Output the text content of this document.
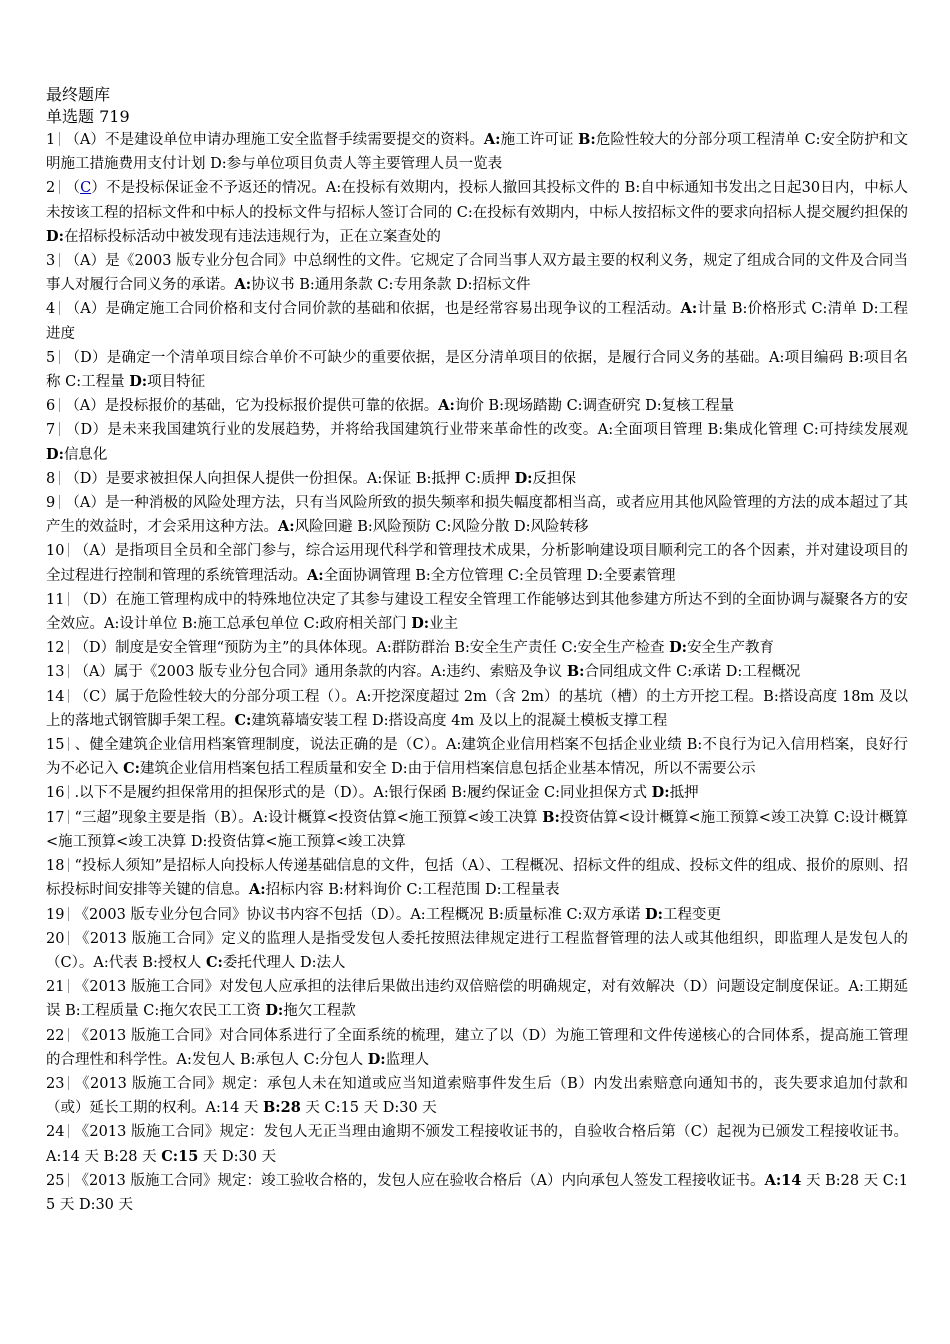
最终题库
单选题 719
1 （A）不是建设单位申请办理施工安全监督手续需要提交的资料。A:施工许可证 B:危险性较大的分部分项工程清单 C:安全防护和文明施工措施费用支付计划 D:参与单位项目负责人等主要管理人员一览表
2 （C）不是投标保证金不予返还的情况。A:在投标有效期内，投标人撤回其投标文件的 B:自中标通知书发出之日起30日内，中标人未按该工程的招标文件和中标人的投标文件与招标人签订合同的 C:在投标有效期内，中标人按招标文件的要求向招标人提交履约担保的 D:在招标投标活动中被发现有违法违规行为，正在立案查处的
3 （A）是《2003 版专业分包合同》中总纲性的文件。它规定了合同当事人双方最主要的权利义务，规定了组成合同的文件及合同当事人对履行合同义务的承诺。A:协议书 B:通用条款 C:专用条款 D:招标文件
4 （A）是确定施工合同价格和支付合同价款的基础和依据，也是经常容易出现争议的工程活动。A:计量 B:价格形式 C:清单 D:工程进度
5 （D）是确定一个清单项目综合单价不可缺少的重要依据，是区分清单项目的依据，是履行合同义务的基础。A:项目编码 B:项目名称 C:工程量 D:项目特征
6 （A）是投标报价的基础，它为投标报价提供可靠的依据。A:询价 B:现场踏勘 C:调查研究 D:复核工程量
7 （D）是未来我国建筑行业的发展趋势，并将给我国建筑行业带来革命性的改变。A:全面项目管理 B:集成化管理 C:可持续发展观 D:信息化
8 （D）是要求被担保人向担保人提供一份担保。A:保证 B:抵押 C:质押 D:反担保
9 （A）是一种消极的风险处理方法，只有当风险所致的损失频率和损失幅度都相当高，或者应用其他风险管理的方法的成本超过了其产生的效益时，才会采用这种方法。A:风险回避 B:风险预防 C:风险分散 D:风险转移
10 （A）是指项目全员和全部门参与，综合运用现代科学和管理技术成果，分析影响建设项目顺利完工的各个因素，并对建设项目的全过程进行控制和管理的系统管理活动。A:全面协调管理 B:全方位管理 C:全员管理 D:全要素管理
11 （D）在施工管理构成中的特殊地位决定了其参与建设工程安全管理工作能够达到其他参建方所达不到的全面协调与凝聚各方的安全效应。A:设计单位 B:施工总承包单位 C:政府相关部门 D:业主
12 （D）制度是安全管理“预防为主”的具体体现。A:群防群治 B:安全生产责任 C:安全生产检查 D:安全生产教育
13 （A）属于《2003 版专业分包合同》通用条款的内容。A:违约、索赔及争议 B:合同组成文件 C:承诺 D:工程概况
14 （C）属于危险性较大的分部分项工程（）。A:开挖深度超过 2m（含 2m）的基坑（槽）的土方开挖工程。B:搭设高度 18m 及以上的落地式钢管脚手架工程。C:建筑幕墙安装工程 D:搭设高度 4m 及以上的混凝土模板支撑工程
15 、健全建筑企业信用档案管理制度，说法正确的是（C）。A:建筑企业信用档案不包括企业业绩 B:不良行为记入信用档案，良好行为不必记入 C:建筑企业信用档案包括工程质量和安全 D:由于信用档案信息包括企业基本情况，所以不需要公示
16 .以下不是履约担保常用的担保形式的是（D）。A:银行保函 B:履约保证金 C:同业担保方式 D:抵押
17 “三超”现象主要是指（B）。A:设计概算<投资估算<施工预算<竣工决算 B:投资估算<设计概算<施工预算<竣工决算 C:设计概算<施工预算<竣工决算 D:投资估算<施工预算<竣工决算
18 “投标人须知”是招标人向投标人传递基础信息的文件，包括（A）、工程概况、招标文件的组成、投标文件的组成、报价的原则、招标投标时间安排等关键的信息。A:招标内容 B:材料询价 C:工程范围 D:工程量表
19 《2003 版专业分包合同》协议书内容不包括（D）。A:工程概况 B:质量标准 C:双方承诺 D:工程变更
20 《2013 版施工合同》定义的监理人是指受发包人委托按照法律规定进行工程监督管理的法人或其他组织，即监理人是发包人的（C）。A:代表 B:授权人 C:委托代理人 D:法人
21 《2013 版施工合同》对发包人应承担的法律后果做出违约双倍赔偿的明确规定，对有效解决（D）问题设定制度保证。A:工期延误 B:工程质量 C:拖欠农民工工资 D:拖欠工程款
22 《2013 版施工合同》对合同体系进行了全面系统的梳理，建立了以（D）为施工管理和文件传递核心的合同体系，提高施工管理的合理性和科学性。A:发包人 B:承包人 C:分包人 D:监理人
23 《2013 版施工合同》规定：承包人未在知道或应当知道索赔事件发生后（B）内发出索赔意向通知书的，丧失要求追加付款和（或）延长工期的权利。A:14 天 B:28 天 C:15 天 D:30 天
24 《2013 版施工合同》规定：发包人无正当理由逾期不颁发工程接收证书的，自验收合格后第（C）起视为已颁发工程接收证书。A:14 天 B:28 天 C:15 天 D:30 天
25 《2013 版施工合同》规定：竣工验收合格的，发包人应在验收合格后（A）内向承包人签发工程接收证书。A:14 天 B:28 天 C:15 天 D:30 天
